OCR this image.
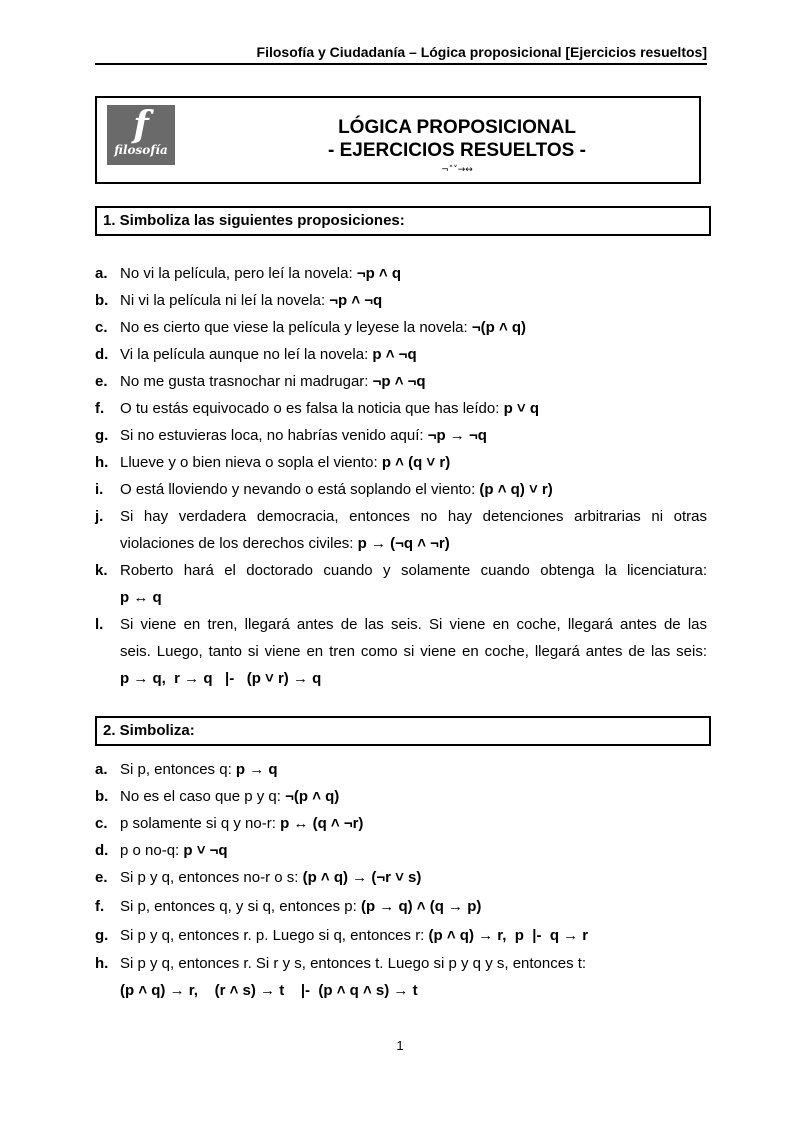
Filosofía y Ciudadanía – Lógica proposicional [Ejercicios resueltos]
f
filosofía
LÓGICA PROPOSICIONAL
- EJERCICIOS RESUELTOS -
¬˄˅→↔
1. Simboliza las siguientes proposiciones:
a. No vi la película, pero leí la novela: ¬p ˄ q
b. Ni vi la película ni leí la novela: ¬p ˄ ¬q
c. No es cierto que viese la película y leyese la novela: ¬(p ˄ q)
d. Vi la película aunque no leí la novela: p ˄ ¬q
e. No me gusta trasnochar ni madrugar: ¬p ˄ ¬q
f. O tu estás equivocado o es falsa la noticia que has leído: p ˅ q
g. Si no estuvieras loca, no habrías venido aquí: ¬p → ¬q
h. Llueve y o bien nieva o sopla el viento: p ˄ (q ˅ r)
i. O está lloviendo y nevando o está soplando el viento: (p ˄ q) ˅ r)
j. Si hay verdadera democracia, entonces no hay detenciones arbitrarias ni otras
violaciones de los derechos civiles: p → (¬q ˄ ¬r)
k. Roberto hará el doctorado cuando y solamente cuando obtenga la licenciatura:
p ↔ q
l. Si viene en tren, llegará antes de las seis. Si viene en coche, llegará antes de las
seis. Luego, tanto si viene en tren como si viene en coche, llegará antes de las seis:
p → q,  r → q   |-   (p ˅ r) → q
2. Simboliza:
a. Si p, entonces q: p → q
b. No es el caso que p y q: ¬(p ˄ q)
c. p solamente si q y no-r: p ↔ (q ˄ ¬r)
d. p o no-q: p ˅ ¬q
e. Si p y q, entonces no-r o s: (p ˄ q) → (¬r ˅ s)
f. Si p, entonces q, y si q, entonces p: (p → q) ˄ (q → p)
g. Si p y q, entonces r. p. Luego si q, entonces r: (p ˄ q) → r,  p  |-  q → r
h. Si p y q, entonces r. Si r y s, entonces t. Luego si p y q y s, entonces t:
(p ˄ q) → r,    (r ˄ s) → t    |-  (p ˄ q ˄ s) → t
1
